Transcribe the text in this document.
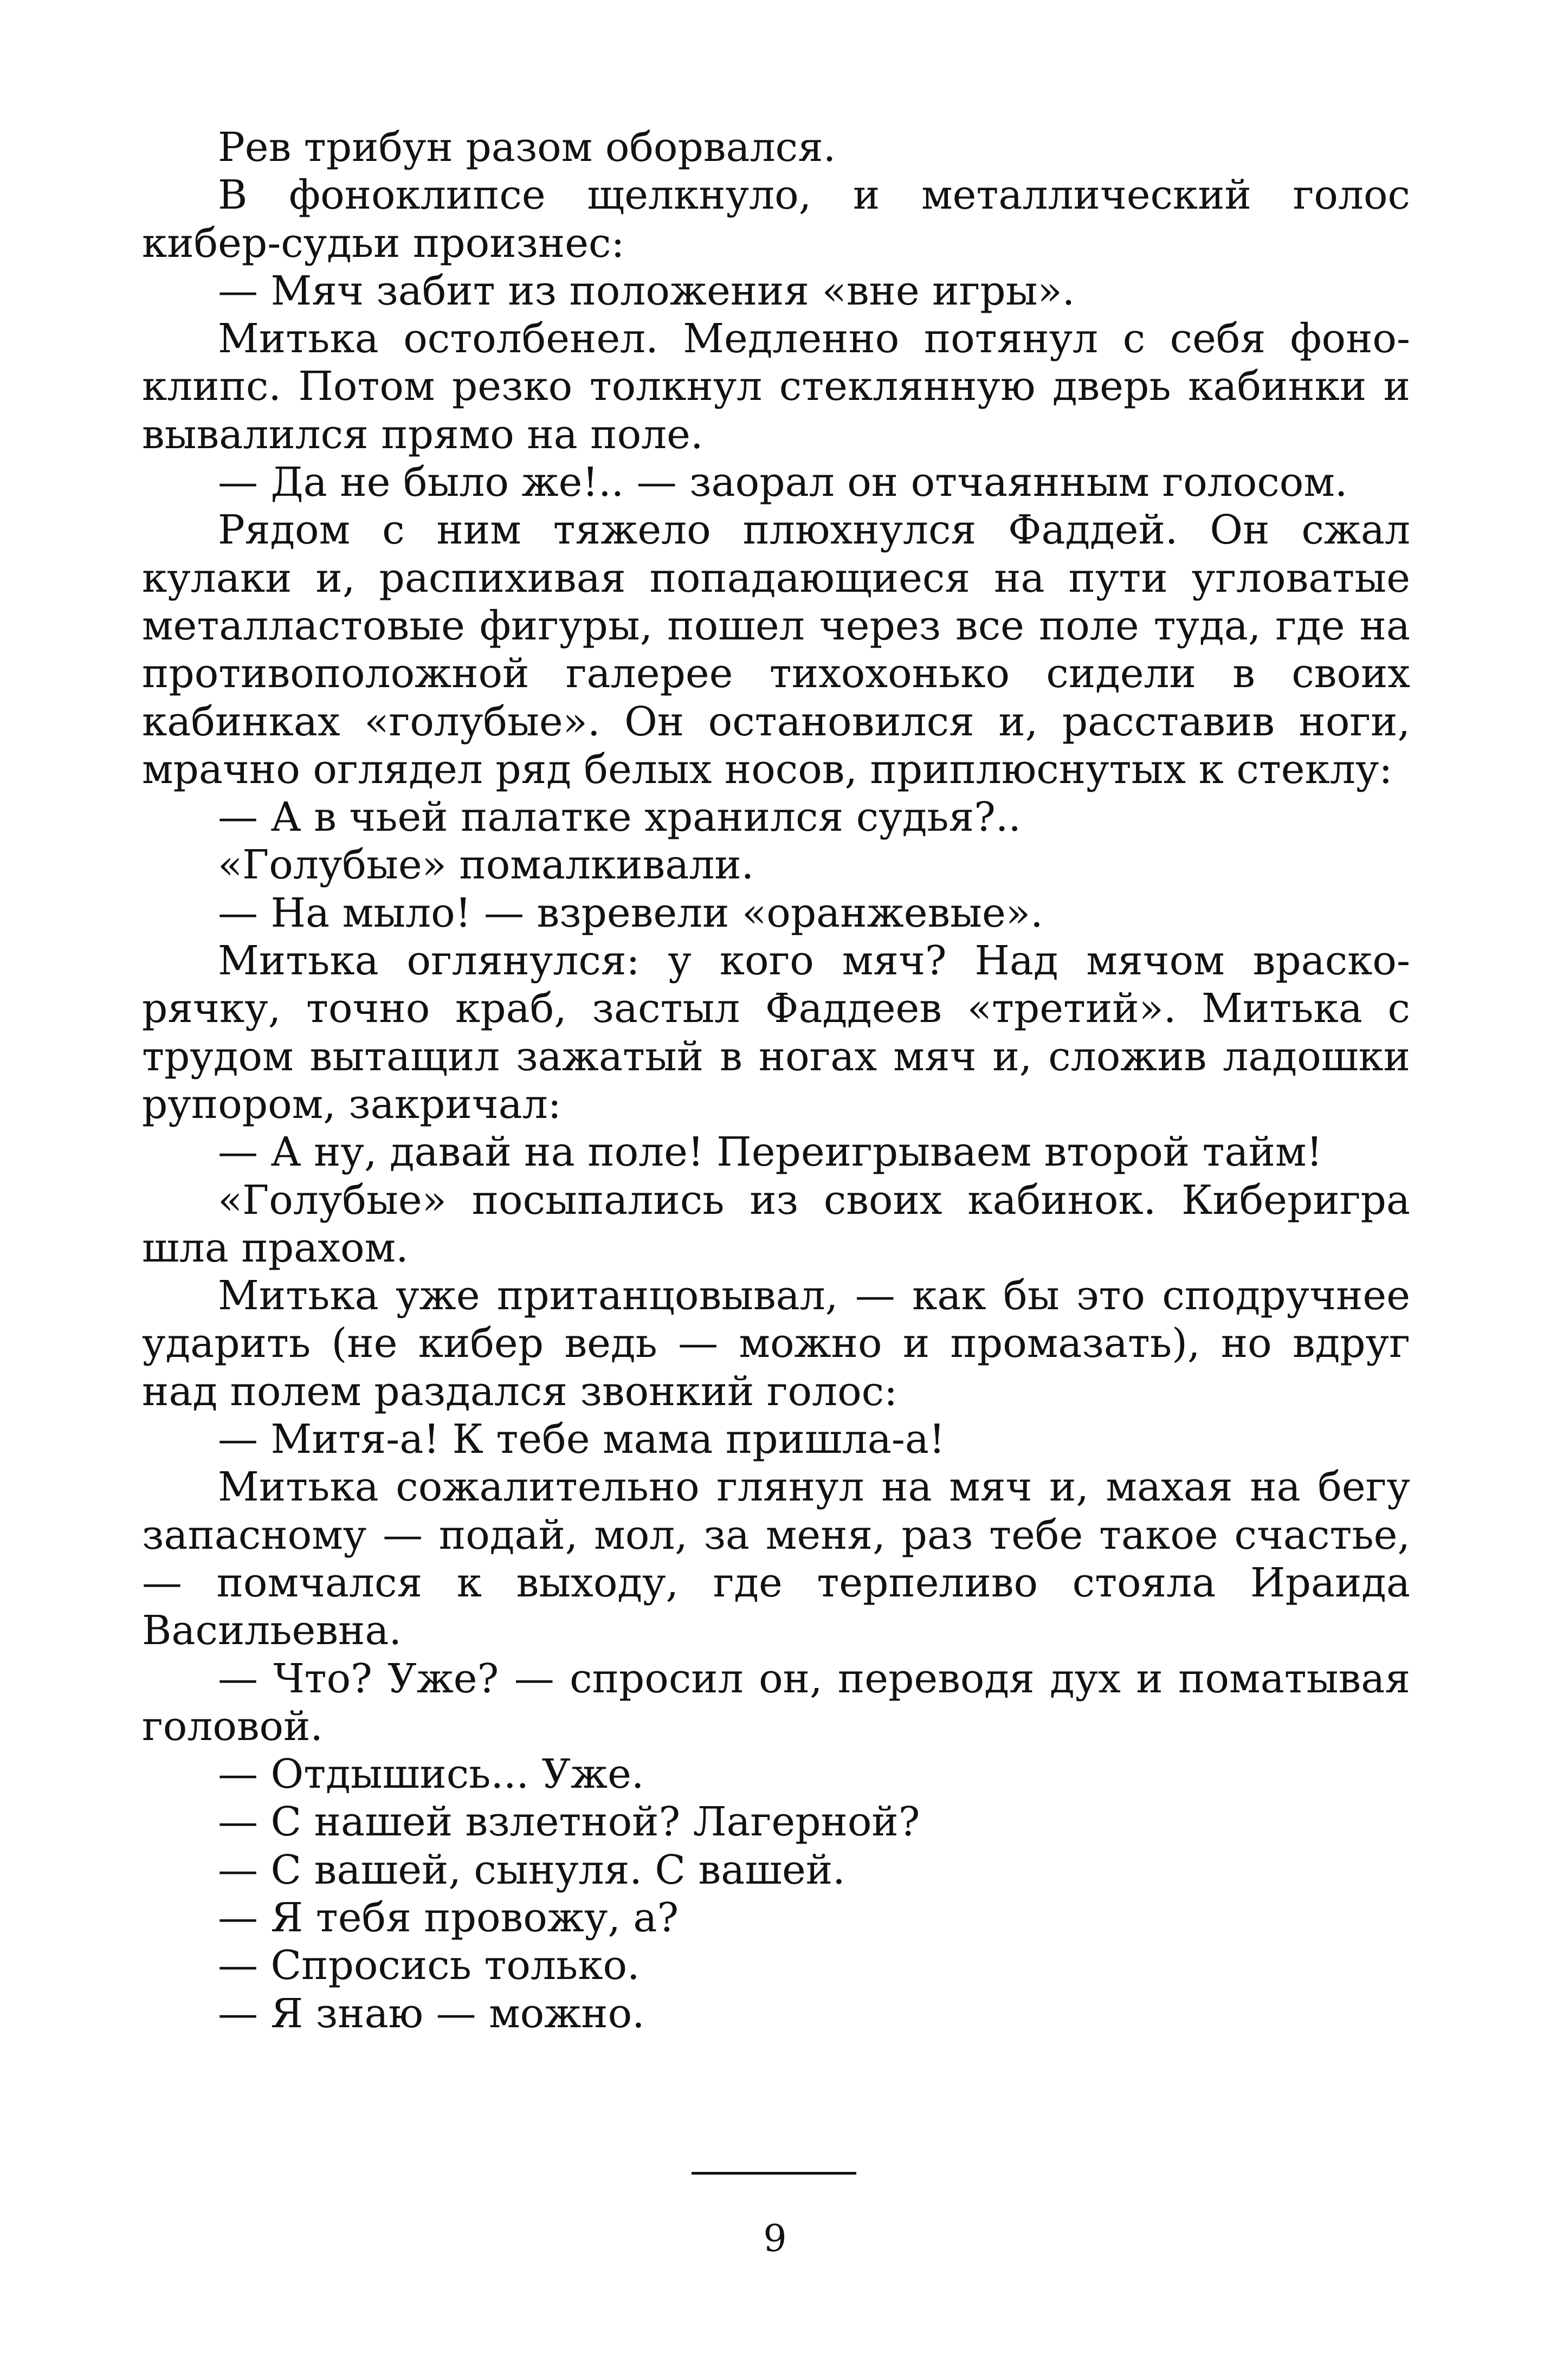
Рев трибун разом оборвался.

В фоноклипсе щелкнуло, и металлический голос кибер-судьи произнес:

— Мяч забит из положения «вне игры».

Митька остолбенел. Медленно потянул с себя фоноклипс. Потом резко толкнул стеклянную дверь кабинки и вывалился прямо на поле.

— Да не было же!.. — заорал он отчаянным голосом.

Рядом с ним тяжело плюхнулся Фаддей. Он сжал кулаки и, распихивая попадающиеся на пути угловатые металластовые фигуры, пошел через все поле туда, где на противоположной галерее тихохонько сидели в своих кабинках «голубые». Он остановился и, расставив ноги, мрачно оглядел ряд белых носов, приплюснутых к стеклу:

— А в чьей палатке хранился судья?..

«Голубые» помалкивали.

— На мыло! — взревели «оранжевые».

Митька оглянулся: у кого мяч? Над мячом враскорячку, точно краб, застыл Фаддеев «третий». Митька с трудом вытащил зажатый в ногах мяч и, сложив ладошки рупором, закричал:

— А ну, давай на поле! Переигрываем второй тайм!

«Голубые» посыпались из своих кабинок. Киберигра шла прахом.

Митька уже пританцовывал, — как бы это сподручнее ударить (не кибер ведь — можно и промазать), но вдруг над полем раздался звонкий голос:

— Митя-а! К тебе мама пришла-а!

Митька сожалительно глянул на мяч и, махая на бегу запасному — подай, мол, за меня, раз тебе такое счастье, — помчался к выходу, где терпеливо стояла Ираида Васильевна.

— Что? Уже? — спросил он, переводя дух и поматывая головой.

— Отдышись... Уже.

— С нашей взлетной? Лагерной?

— С вашей, сынуля. С вашей.

— Я тебя провожу, а?

— Спросись только.

— Я знаю — можно.

9
